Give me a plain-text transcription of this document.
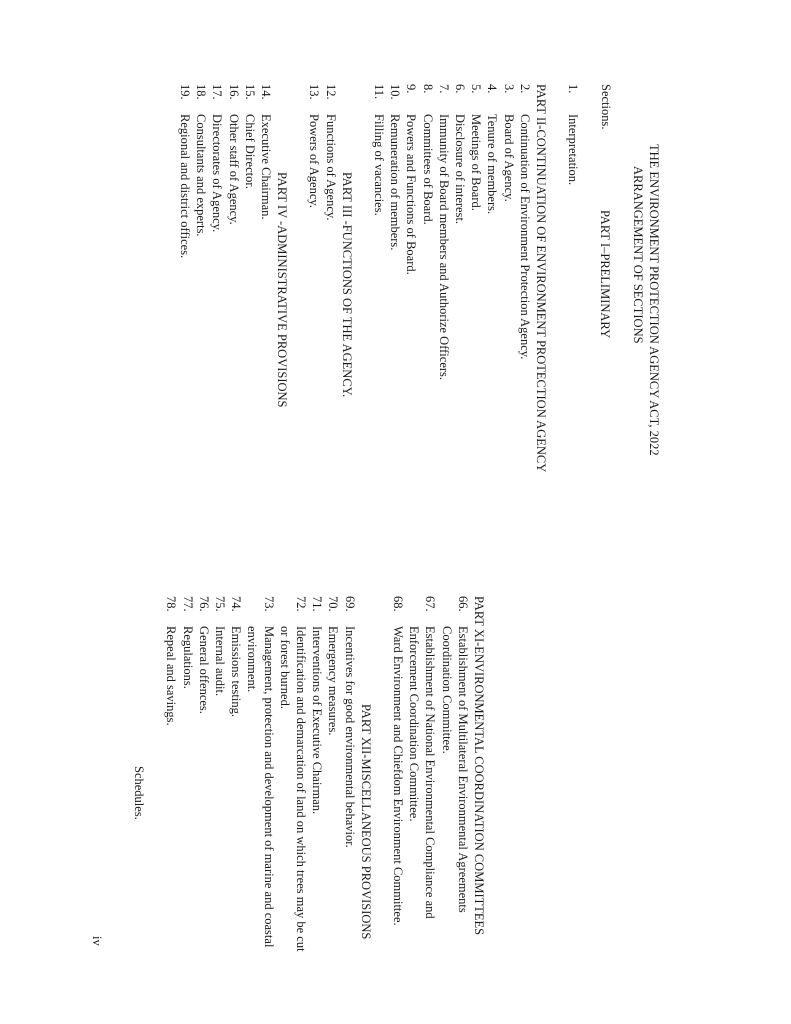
THE ENVIRONMENT PROTECTION AGENCY ACT, 2022
ARRANGEMENT OF SECTIONS
Sections.
PART I–PRELIMINARY
1.
Interpretation.
PART II-CONTINUATION OF ENVIRONMENT PROTECTION AGENCY
2.
Continuation of Environment Protection Agency.
3.
Board of Agency.
4.
Tenure of members.
5.
Meetings of Board.
6.
Disclosure of interest.
7.
Immunity of Board members and Authorize Officers.
8.
Committees of Board.
9.
Powers and Functions of Board.
10.
Remuneration of members.
11.
Filling of vacancies.
PART III -FUNCTIONS OF THE AGENCY.
12.
Functions of Agency.
13.
Powers of Agency.
PART IV -ADMINISTRATIVE PROVISIONS
14.
Executive Chairman.
15.
Chief Director.
16.
Other staff of Agency.
17.
Directorates of Agency.
18.
Consultants and experts.
19.
Regional and district offices.
PART XI-ENVIRONMENTAL COORDINATION COMMITTEES
66.
Establishment of Multilateral Environmental Agreements Coordination Committee.
67.
Establishment of National Environmental Compliance and Enforcement Coordination Committee.
68.
Ward Environment and Chiefdom Environment Committee.
PART XII-MISCELLANEOUS PROVISIONS
69.
Incentives for good environmental behavior.
70.
Emergency measures.
71.
Interventions of Executive Chairman.
72.
Identification and demarcation of land on which trees may be cut or forest burned.
73.
Management, protection and development of marine and coastal environment.
74.
Emissions testing.
75.
Internal audit.
76.
General offences.
77.
Regulations.
78.
Repeal and savings.
Schedules.
iv
